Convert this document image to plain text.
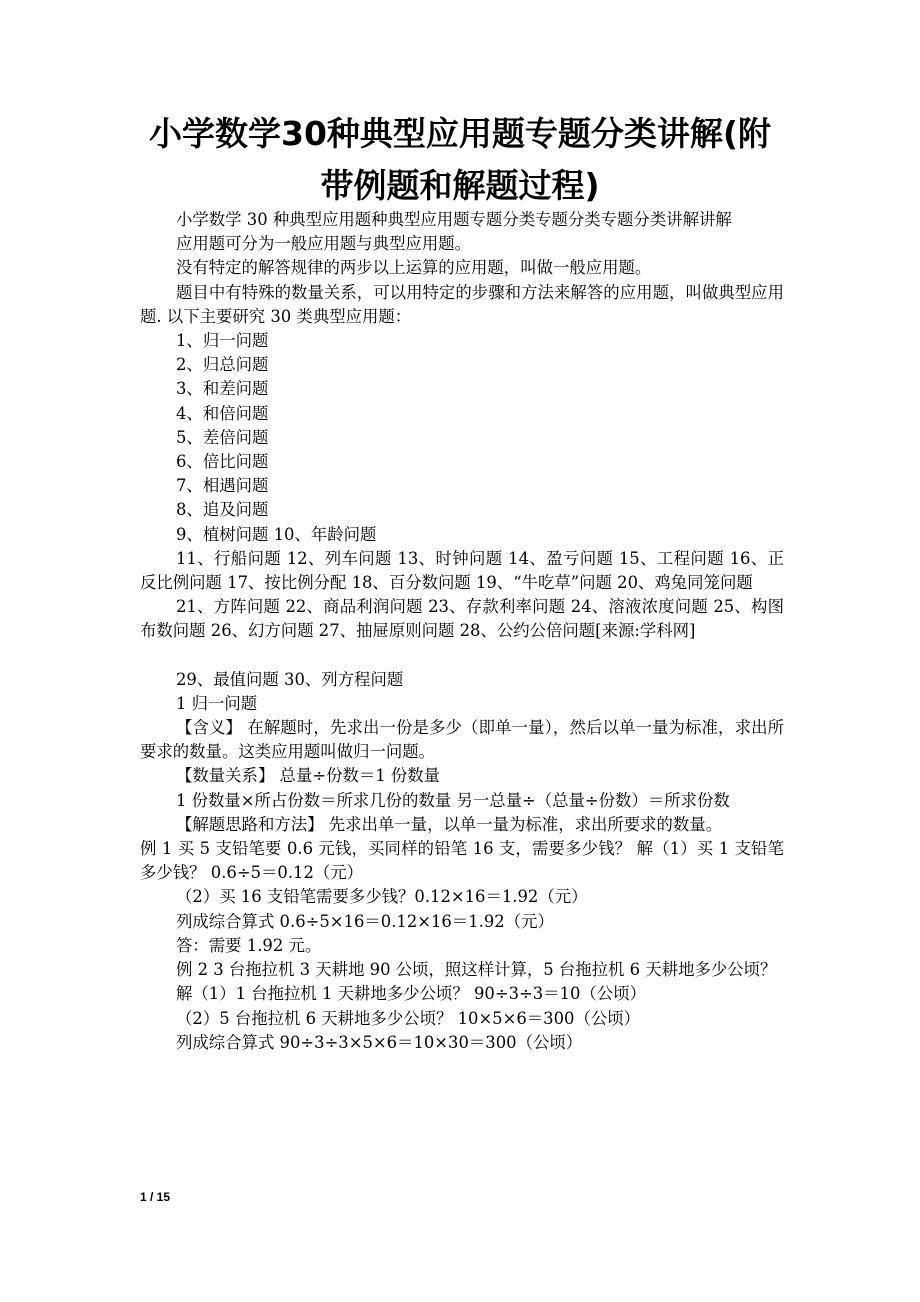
小学数学30种典型应用题专题分类讲解(附
带例题和解题过程)

小学数学 30 种典型应用题种典型应用题专题分类专题分类专题分类讲解讲解

应用题可分为一般应用题与典型应用题。

没有特定的解答规律的两步以上运算的应用题，叫做一般应用题。

题目中有特殊的数量关系，可以用特定的步骤和方法来解答的应用题，叫做典型应用题. 以下主要研究 30 类典型应用题：

1、归一问题

2、归总问题

3、和差问题

4、和倍问题

5、差倍问题

6、倍比问题

7、相遇问题

8、追及问题

9、植树问题 10、年龄问题

11、行船问题 12、列车问题 13、时钟问题 14、盈亏问题 15、工程问题 16、正反比例问题 17、按比例分配 18、百分数问题 19、“牛吃草”问题 20、鸡兔同笼问题

21、方阵问题 22、商品利润问题 23、存款利率问题 24、溶液浓度问题 25、构图布数问题 26、幻方问题 27、抽屉原则问题 28、公约公倍问题[来源:学科网]

29、最值问题 30、列方程问题

1 归一问题

【含义】 在解题时，先求出一份是多少（即单一量），然后以单一量为标准，求出所要求的数量。这类应用题叫做归一问题。

【数量关系】 总量÷份数＝1 份数量

1 份数量×所占份数＝所求几份的数量 另一总量÷（总量÷份数）＝所求份数

【解题思路和方法】 先求出单一量，以单一量为标准，求出所要求的数量。

例 1 买 5 支铅笔要 0.6 元钱，买同样的铅笔 16 支，需要多少钱？ 解（1）买 1 支铅笔多少钱？ 0.6÷5＝0.12（元）

（2）买 16 支铅笔需要多少钱？0.12×16＝1.92（元）

列成综合算式 0.6÷5×16＝0.12×16＝1.92（元）

答：需要 1.92 元。

例 2 3 台拖拉机 3 天耕地 90 公顷，照这样计算，5 台拖拉机 6 天耕地多少公顷？

解（1）1 台拖拉机 1 天耕地多少公顷？ 90÷3÷3＝10（公顷）

（2）5 台拖拉机 6 天耕地多少公顷？ 10×5×6＝300（公顷）

列成综合算式 90÷3÷3×5×6＝10×30＝300（公顷）

1 / 15
